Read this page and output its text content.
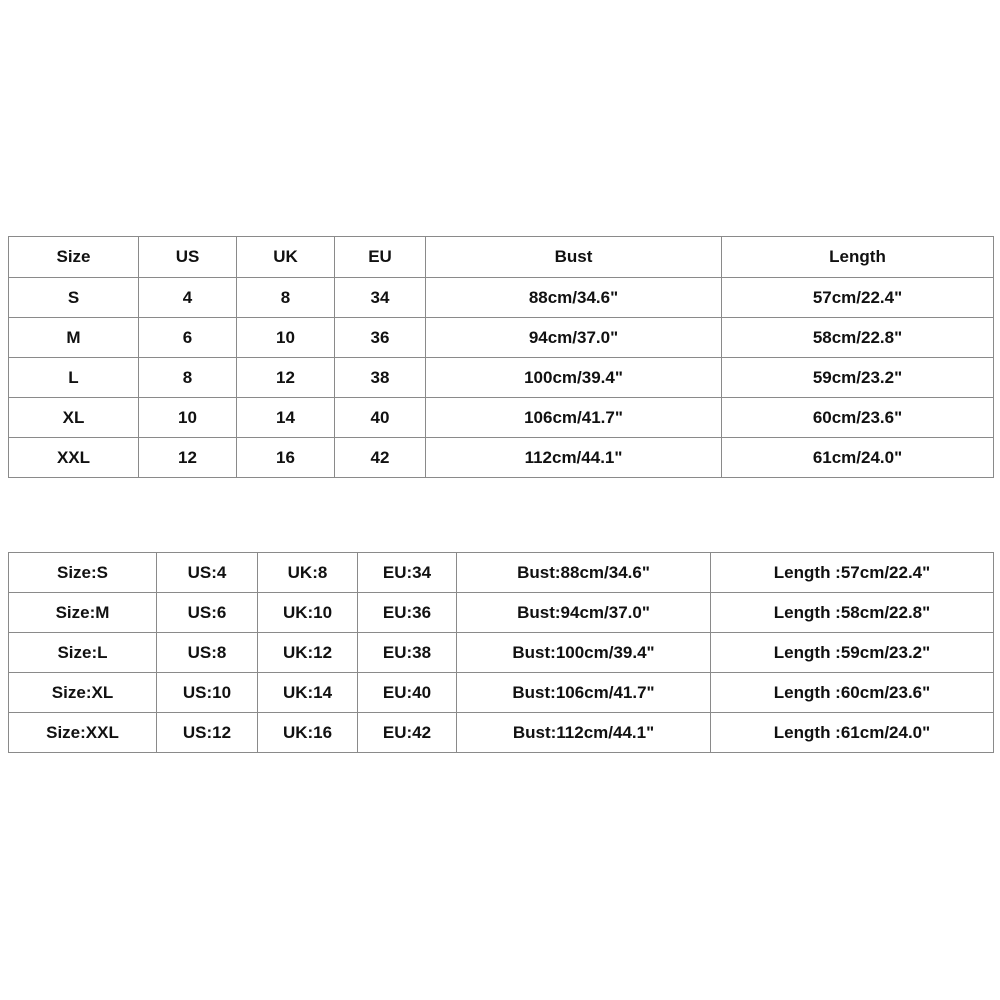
Size	US	UK	EU	Bust	Length
S	4	8	34	88cm/34.6"	57cm/22.4"
M	6	10	36	94cm/37.0"	58cm/22.8"
L	8	12	38	100cm/39.4"	59cm/23.2"
XL	10	14	40	106cm/41.7"	60cm/23.6"
XXL	12	16	42	112cm/44.1"	61cm/24.0"
Size:S	US:4	UK:8	EU:34	Bust:88cm/34.6"	Length :57cm/22.4"
Size:M	US:6	UK:10	EU:36	Bust:94cm/37.0"	Length :58cm/22.8"
Size:L	US:8	UK:12	EU:38	Bust:100cm/39.4"	Length :59cm/23.2"
Size:XL	US:10	UK:14	EU:40	Bust:106cm/41.7"	Length :60cm/23.6"
Size:XXL	US:12	UK:16	EU:42	Bust:112cm/44.1"	Length :61cm/24.0"
